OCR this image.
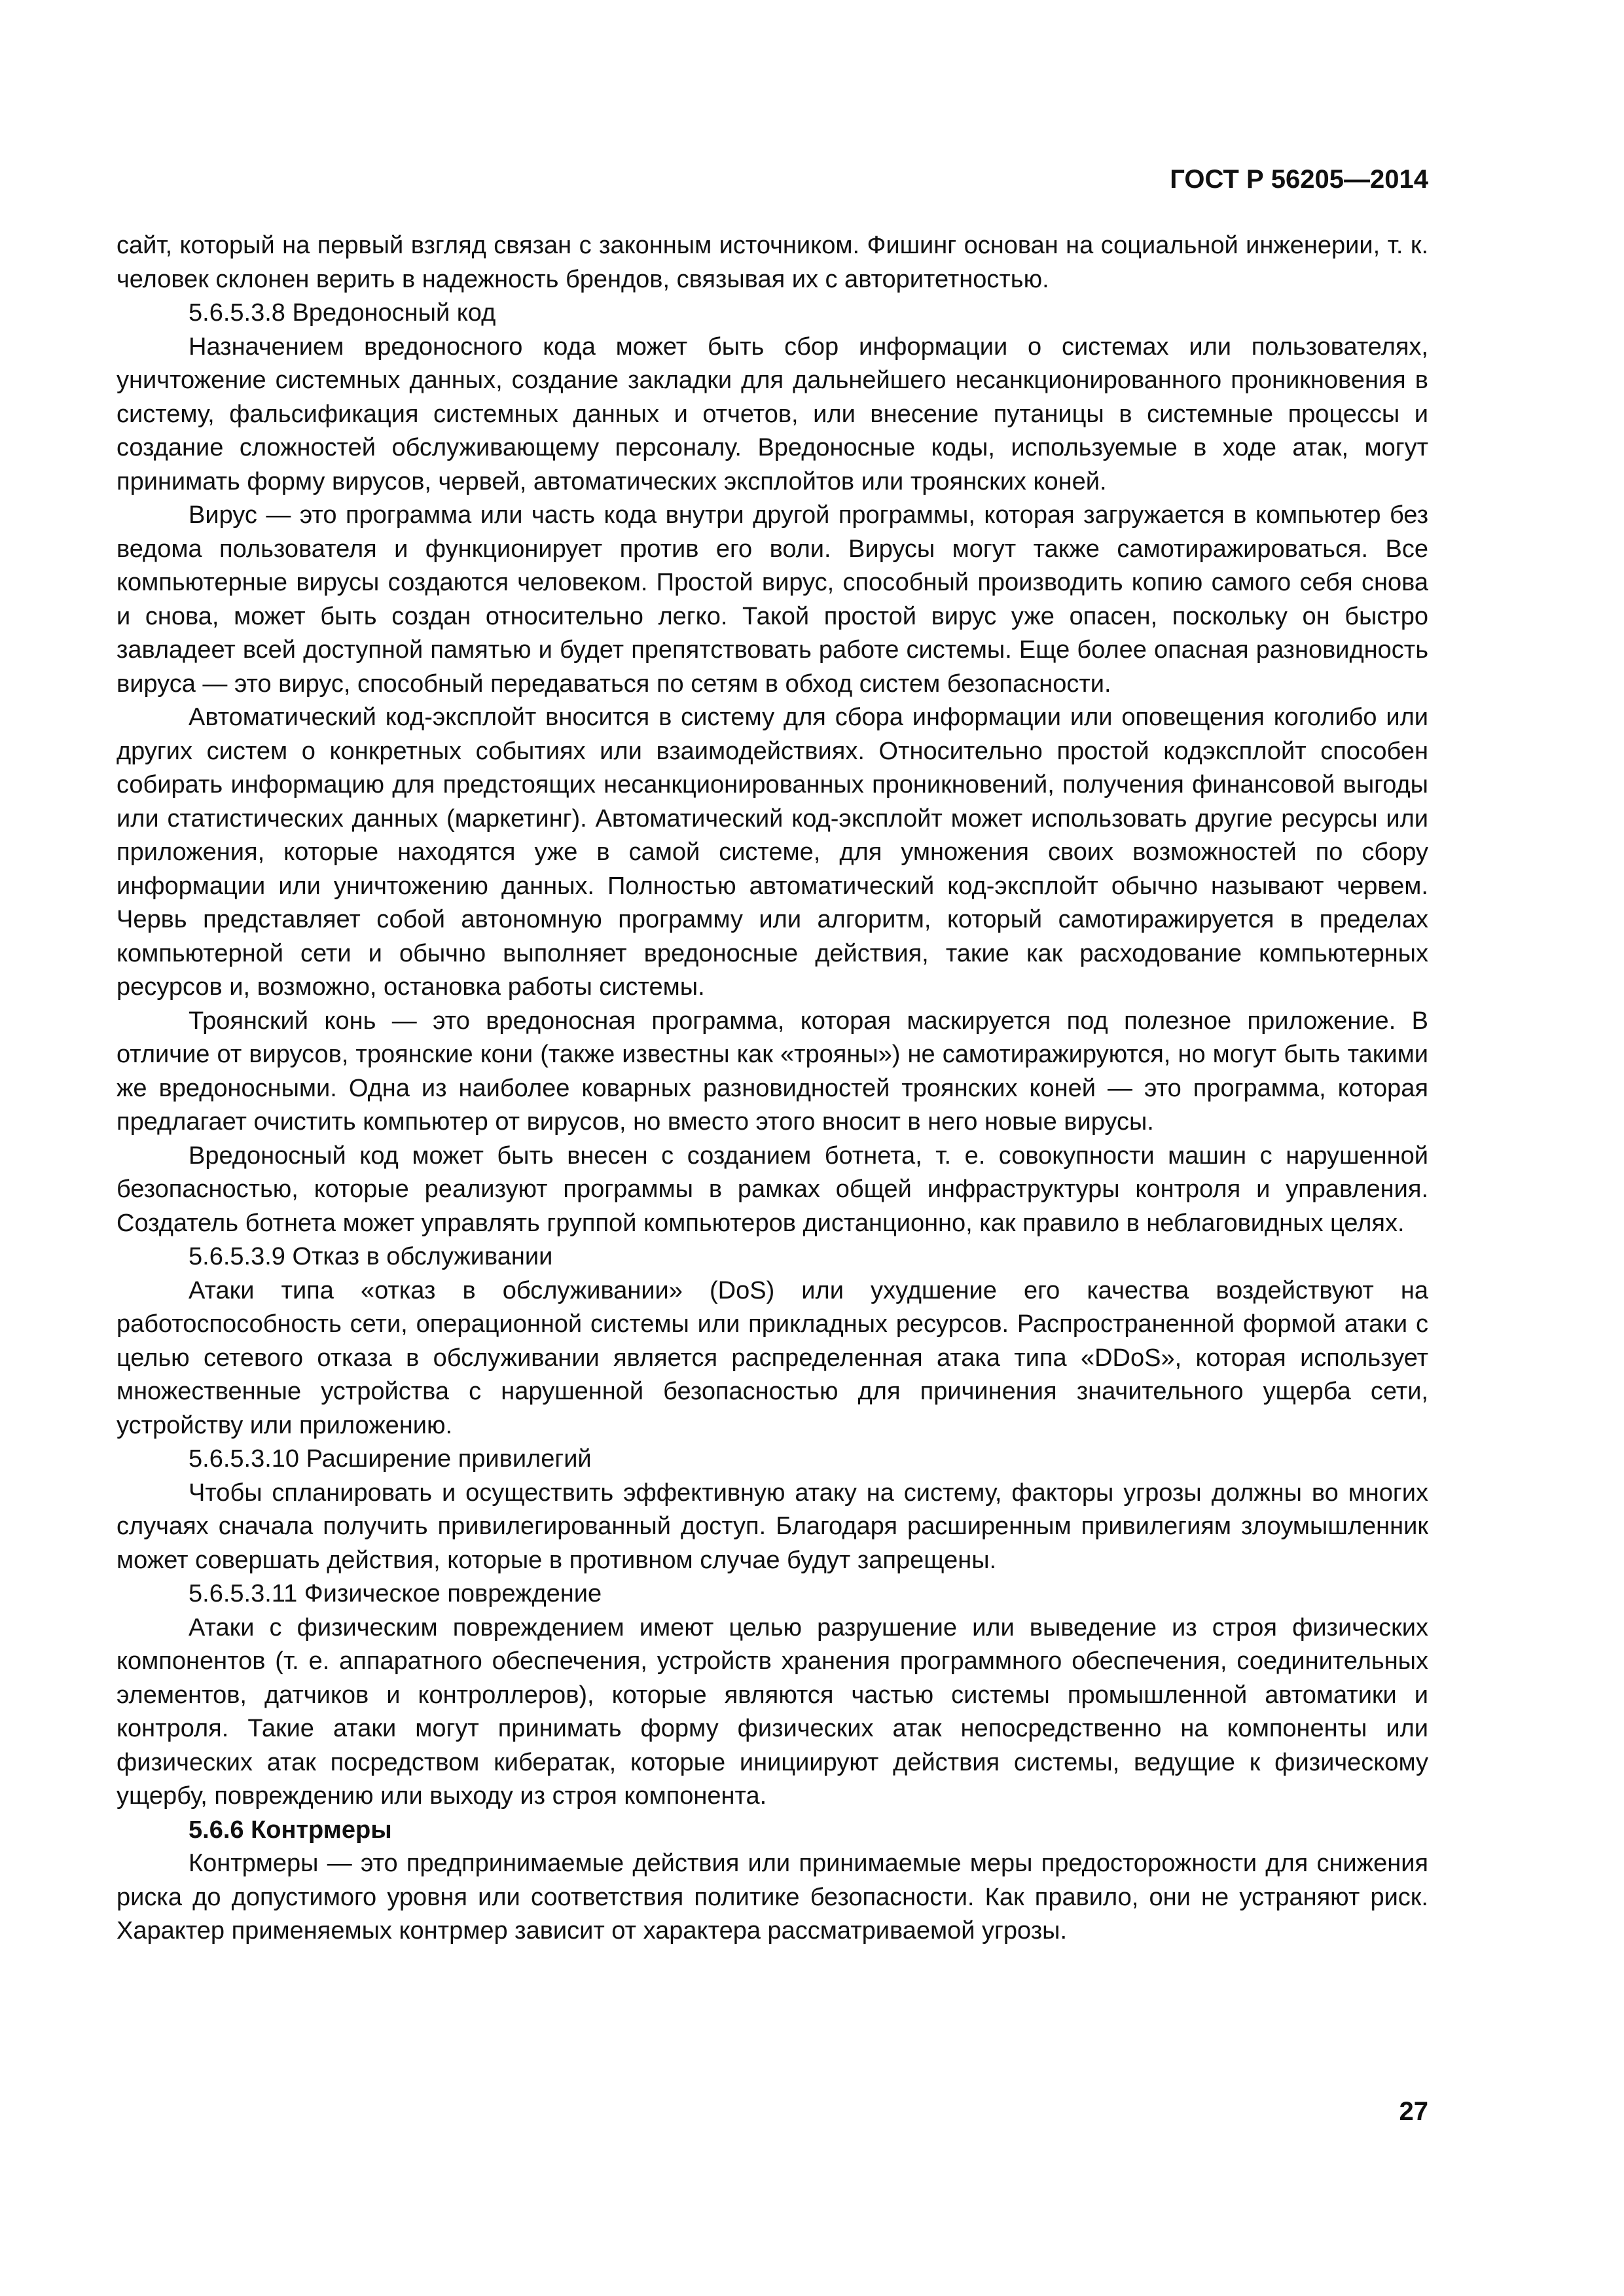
ГОСТ Р 56205—2014

сайт, который на первый взгляд связан с законным источником. Фишинг основан на социальной инженерии, т. к. человек склонен верить в надежность брендов, связывая их с авторитетностью.

5.6.5.3.8 Вредоносный код

Назначением вредоносного кода может быть сбор информации о системах или пользователях, уничтожение системных данных, создание закладки для дальнейшего несанкционированного проникновения в систему, фальсификация системных данных и отчетов, или внесение путаницы в системные процессы и создание сложностей обслуживающему персоналу. Вредоносные коды, используемые в ходе атак, могут принимать форму вирусов, червей, автоматических эксплойтов или троянских коней.

Вирус — это программа или часть кода внутри другой программы, которая загружается в компьютер без ведома пользователя и функционирует против его воли. Вирусы могут также самотиражироваться. Все компьютерные вирусы создаются человеком. Простой вирус, способный производить копию самого себя снова и снова, может быть создан относительно легко. Такой простой вирус уже опасен, поскольку он быстро завладеет всей доступной памятью и будет препятствовать работе системы. Еще более опасная разновидность вируса — это вирус, способный передаваться по сетям в обход систем безопасности.

Автоматический код-эксплойт вносится в систему для сбора информации или оповещения коголибо или других систем о конкретных событиях или взаимодействиях. Относительно простой кодэксплойт способен собирать информацию для предстоящих несанкционированных проникновений, получения финансовой выгоды или статистических данных (маркетинг). Автоматический код-эксплойт может использовать другие ресурсы или приложения, которые находятся уже в самой системе, для умножения своих возможностей по сбору информации или уничтожению данных. Полностью автоматический код-эксплойт обычно называют червем. Червь представляет собой автономную программу или алгоритм, который самотиражируется в пределах компьютерной сети и обычно выполняет вредоносные действия, такие как расходование компьютерных ресурсов и, возможно, остановка работы системы.

Троянский конь — это вредоносная программа, которая маскируется под полезное приложение. В отличие от вирусов, троянские кони (также известны как «трояны») не самотиражируются, но могут быть такими же вредоносными. Одна из наиболее коварных разновидностей троянских коней — это программа, которая предлагает очистить компьютер от вирусов, но вместо этого вносит в него новые вирусы.

Вредоносный код может быть внесен с созданием ботнета, т. е. совокупности машин с нарушенной безопасностью, которые реализуют программы в рамках общей инфраструктуры контроля и управления. Создатель ботнета может управлять группой компьютеров дистанционно, как правило в неблаговидных целях.

5.6.5.3.9 Отказ в обслуживании

Атаки типа «отказ в обслуживании» (DoS) или ухудшение его качества воздействуют на работоспособность сети, операционной системы или прикладных ресурсов. Распространенной формой атаки с целью сетевого отказа в обслуживании является распределенная атака типа «DDoS», которая использует множественные устройства с нарушенной безопасностью для причинения значительного ущерба сети, устройству или приложению.

5.6.5.3.10 Расширение привилегий

Чтобы спланировать и осуществить эффективную атаку на систему, факторы угрозы должны во многих случаях сначала получить привилегированный доступ. Благодаря расширенным привилегиям злоумышленник может совершать действия, которые в противном случае будут запрещены.

5.6.5.3.11 Физическое повреждение

Атаки с физическим повреждением имеют целью разрушение или выведение из строя физических компонентов (т. е. аппаратного обеспечения, устройств хранения программного обеспечения, соединительных элементов, датчиков и контроллеров), которые являются частью системы промышленной автоматики и контроля. Такие атаки могут принимать форму физических атак непосредственно на компоненты или физических атак посредством кибератак, которые инициируют действия системы, ведущие к физическому ущербу, повреждению или выходу из строя компонента.

5.6.6 Контрмеры

Контрмеры — это предпринимаемые действия или принимаемые меры предосторожности для снижения риска до допустимого уровня или соответствия политике безопасности. Как правило, они не устраняют риск. Характер применяемых контрмер зависит от характера рассматриваемой угрозы.

27
